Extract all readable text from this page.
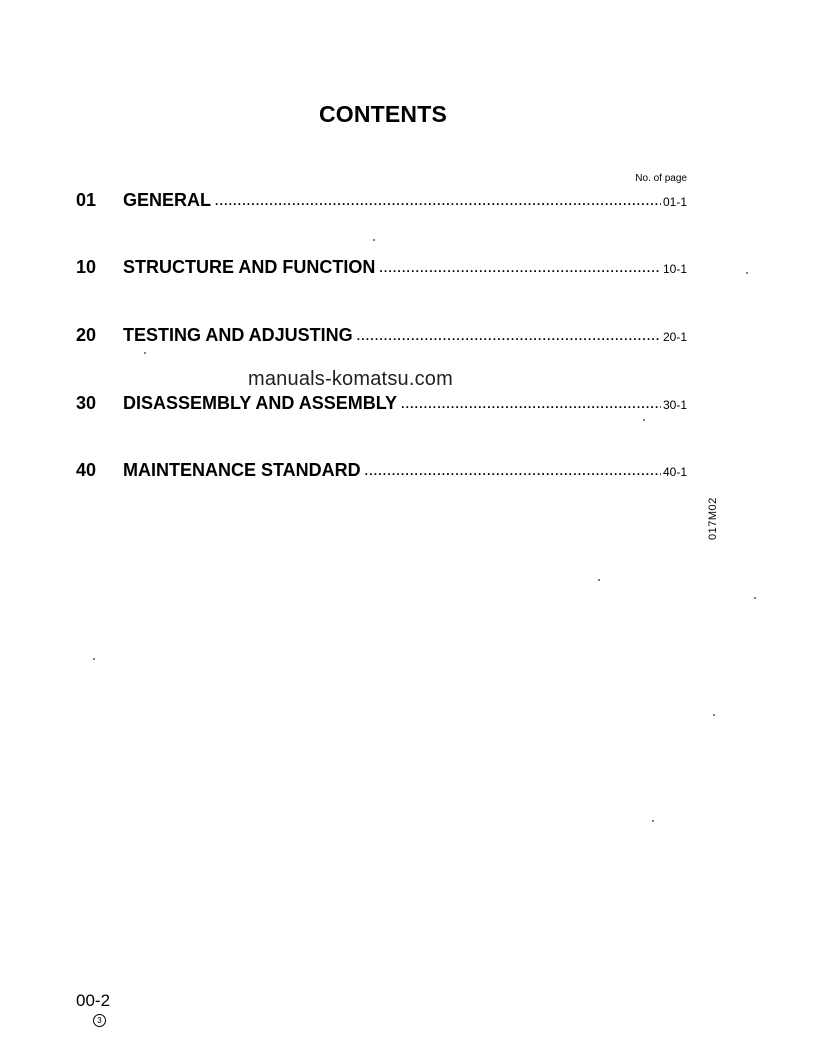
CONTENTS
No. of page
01	GENERAL .....	01-1
10	STRUCTURE AND FUNCTION .....	10-1
20	TESTING AND ADJUSTING .....	20-1
manuals-komatsu.com
30	DISASSEMBLY AND ASSEMBLY .....	30-1
40	MAINTENANCE STANDARD .....	40-1
017M02
00-2
3
